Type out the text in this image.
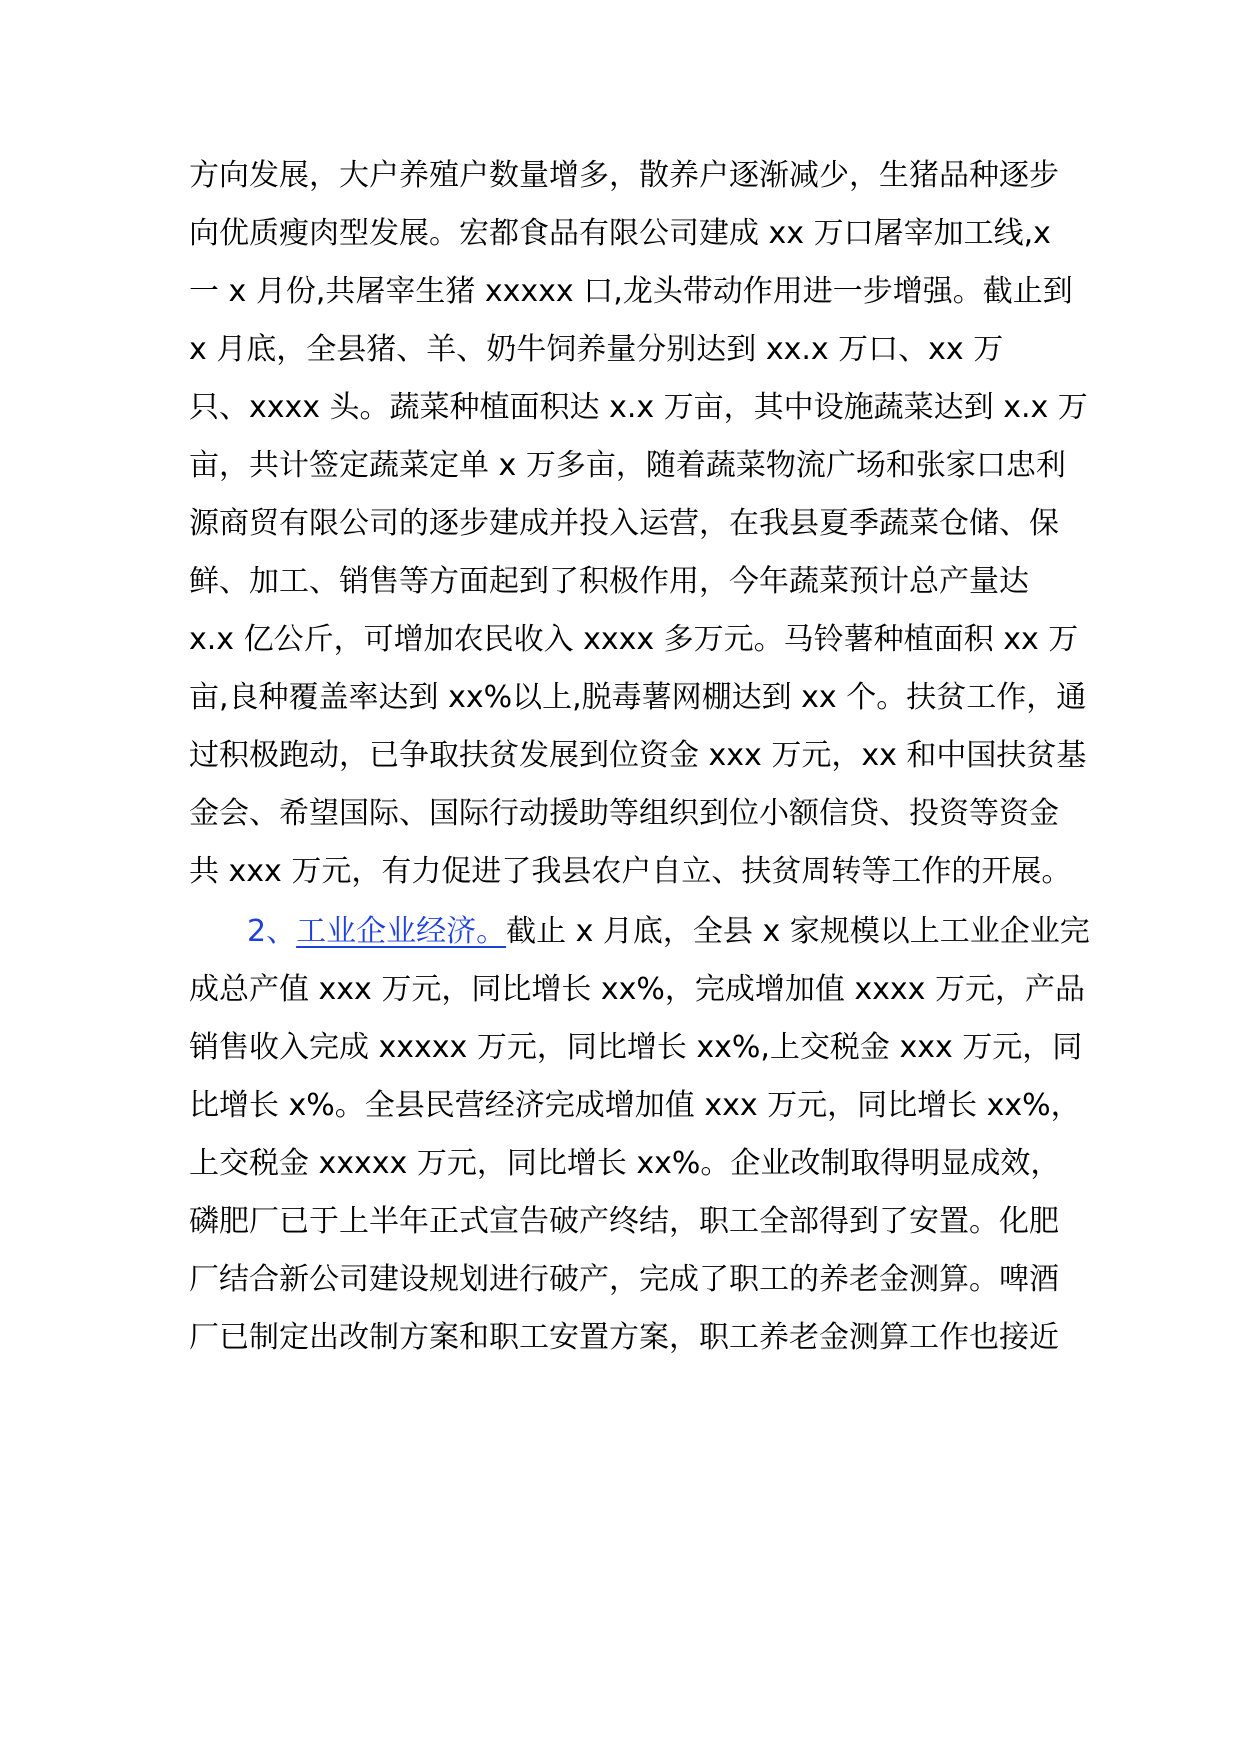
方向发展，大户养殖户数量增多，散养户逐渐减少，生猪品种逐步
向优质瘦肉型发展。宏都食品有限公司建成 xx 万口屠宰加工线,x
一 x 月份,共屠宰生猪 xxxxx 口,龙头带动作用进一步增强。截止到
x 月底，全县猪、羊、奶牛饲养量分别达到 xx.x 万口、xx 万
只、xxxx 头。蔬菜种植面积达 x.x 万亩，其中设施蔬菜达到 x.x 万
亩，共计签定蔬菜定单 x 万多亩，随着蔬菜物流广场和张家口忠利
源商贸有限公司的逐步建成并投入运营，在我县夏季蔬菜仓储、保
鲜、加工、销售等方面起到了积极作用，今年蔬菜预计总产量达
x.x 亿公斤，可增加农民收入 xxxx 多万元。马铃薯种植面积 xx 万
亩,良种覆盖率达到 xx%以上,脱毒薯网棚达到 xx 个。扶贫工作，通
过积极跑动，已争取扶贫发展到位资金 xxx 万元，xx 和中国扶贫基
金会、希望国际、国际行动援助等组织到位小额信贷、投资等资金
共 xxx 万元，有力促进了我县农户自立、扶贫周转等工作的开展。
2、工业企业经济。截止 x 月底，全县 x 家规模以上工业企业完
成总产值 xxx 万元，同比增长 xx%，完成增加值 xxxx 万元，产品
销售收入完成 xxxxx 万元，同比增长 xx%,上交税金 xxx 万元，同
比增长 x%。全县民营经济完成增加值 xxx 万元，同比增长 xx%，
上交税金 xxxxx 万元，同比增长 xx%。企业改制取得明显成效，
磷肥厂已于上半年正式宣告破产终结，职工全部得到了安置。化肥
厂结合新公司建设规划进行破产，完成了职工的养老金测算。啤酒
厂已制定出改制方案和职工安置方案，职工养老金测算工作也接近
